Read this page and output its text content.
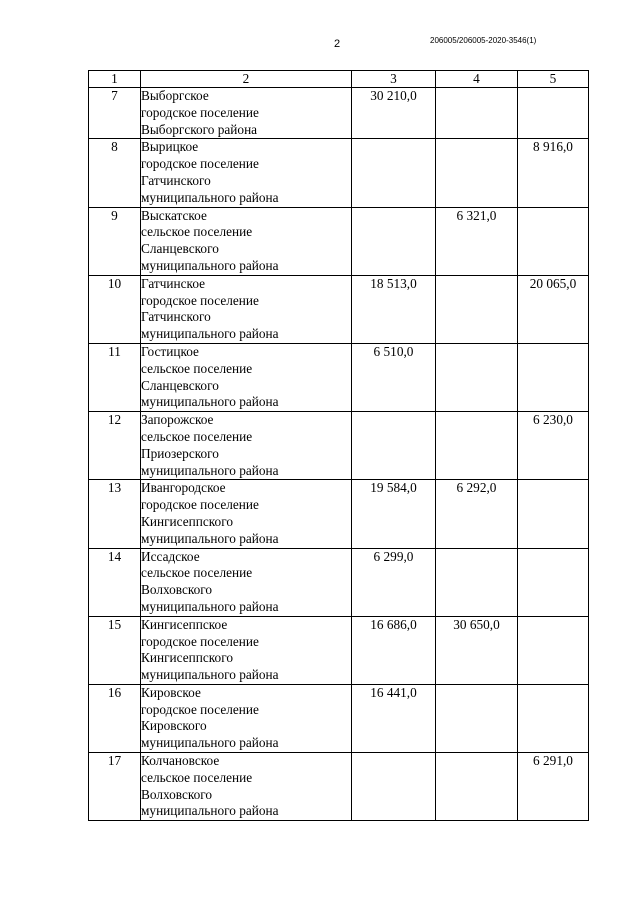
2	206005/206005-2020-3546(1)
1	2	3	4	5
7	Выборгское
городское поселение
Выборгского района	30 210,0		
8	Вырицкое
городское поселение
Гатчинского
муниципального района			8 916,0
9	Выскатское
сельское поселение
Сланцевского
муниципального района		6 321,0	
10	Гатчинское
городское поселение
Гатчинского
муниципального района	18 513,0		20 065,0
11	Гостицкое
сельское поселение
Сланцевского
муниципального района	6 510,0		
12	Запорожское
сельское поселение
Приозерского
муниципального района			6 230,0
13	Ивангородское
городское поселение
Кингисеппского
муниципального района	19 584,0	6 292,0	
14	Иссадское
сельское поселение
Волховского
муниципального района	6 299,0		
15	Кингисеппское
городское поселение
Кингисеппского
муниципального района	16 686,0	30 650,0	
16	Кировское
городское поселение
Кировского
муниципального района	16 441,0		
17	Колчановское
сельское поселение
Волховского
муниципального района			6 291,0
